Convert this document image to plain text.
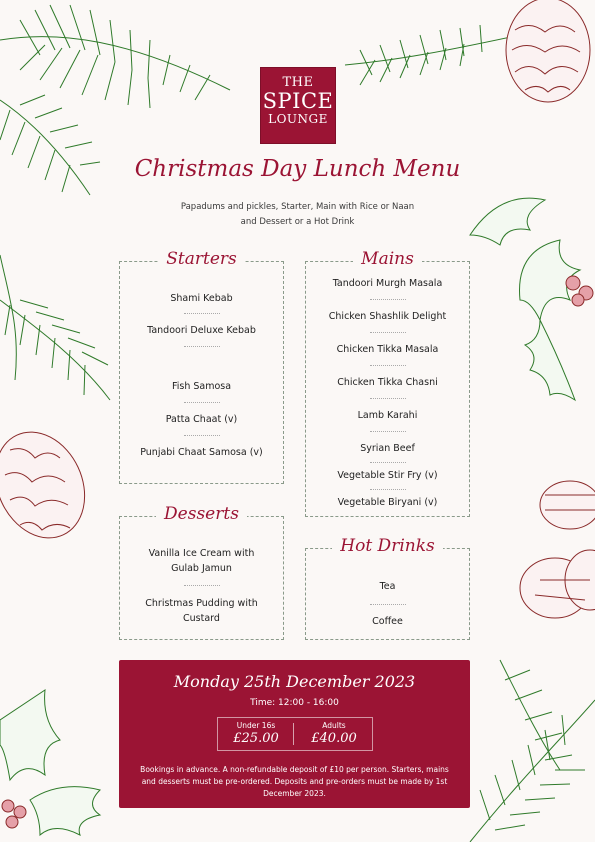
THE
SPICE
LOUNGE
Christmas Day Lunch Menu
Papadums and pickles, Starter, Main with Rice or Naan
and Dessert or a Hot Drink
Starters
Shami Kebab
Tandoori Deluxe Kebab
Fish Samosa
Patta Chaat (v)
Punjabi Chaat Samosa (v)
Mains
Tandoori Murgh Masala
Chicken Shashlik Delight
Chicken Tikka Masala
Chicken Tikka Chasni
Lamb Karahi
Syrian Beef
Vegetable Stir Fry (v)
Vegetable Biryani (v)
Desserts
Vanilla Ice Cream with
Gulab Jamun
Christmas Pudding with
Custard
Hot Drinks
Tea
Coffee
Monday 25th December 2023
Time: 12:00 - 16:00
Under 16s
£25.00
Adults
£40.00
Bookings in advance. A non-refundable deposit of £10 per person. Starters, mains
and desserts must be pre-ordered. Deposits and pre-orders must be made by 1st
December 2023.
